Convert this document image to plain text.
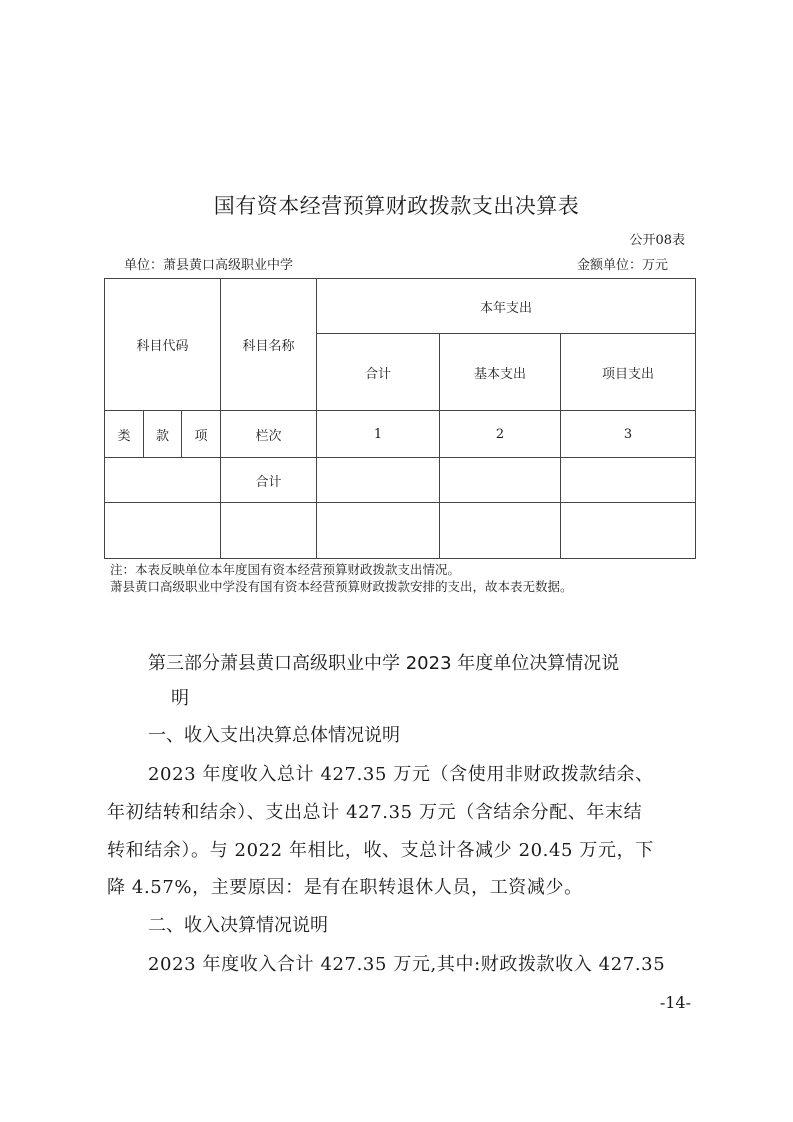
国有资本经营预算财政拨款支出决算表
公开08表
单位：萧县黄口高级职业中学	金额单位：万元
科目代码			科目名称	本年支出		
				合计	基本支出	项目支出
类	款	项	栏次	1	2	3
			合计			

注：本表反映单位本年度国有资本经营预算财政拨款支出情况。
萧县黄口高级职业中学没有国有资本经营预算财政拨款安排的支出，故本表无数据。
第三部分萧县黄口高级职业中学 2023 年度单位决算情况说
明
一、收入支出决算总体情况说明
2023 年度收入总计 427.35 万元（含使用非财政拨款结余、
年初结转和结余）、支出总计 427.35 万元（含结余分配、年末结
转和结余）。与 2022 年相比，收、支总计各减少 20.45 万元，下
降 4.57%，主要原因：是有在职转退休人员，工资减少。
二、收入决算情况说明
2023 年度收入合计 427.35 万元,其中:财政拨款收入 427.35
-14-
